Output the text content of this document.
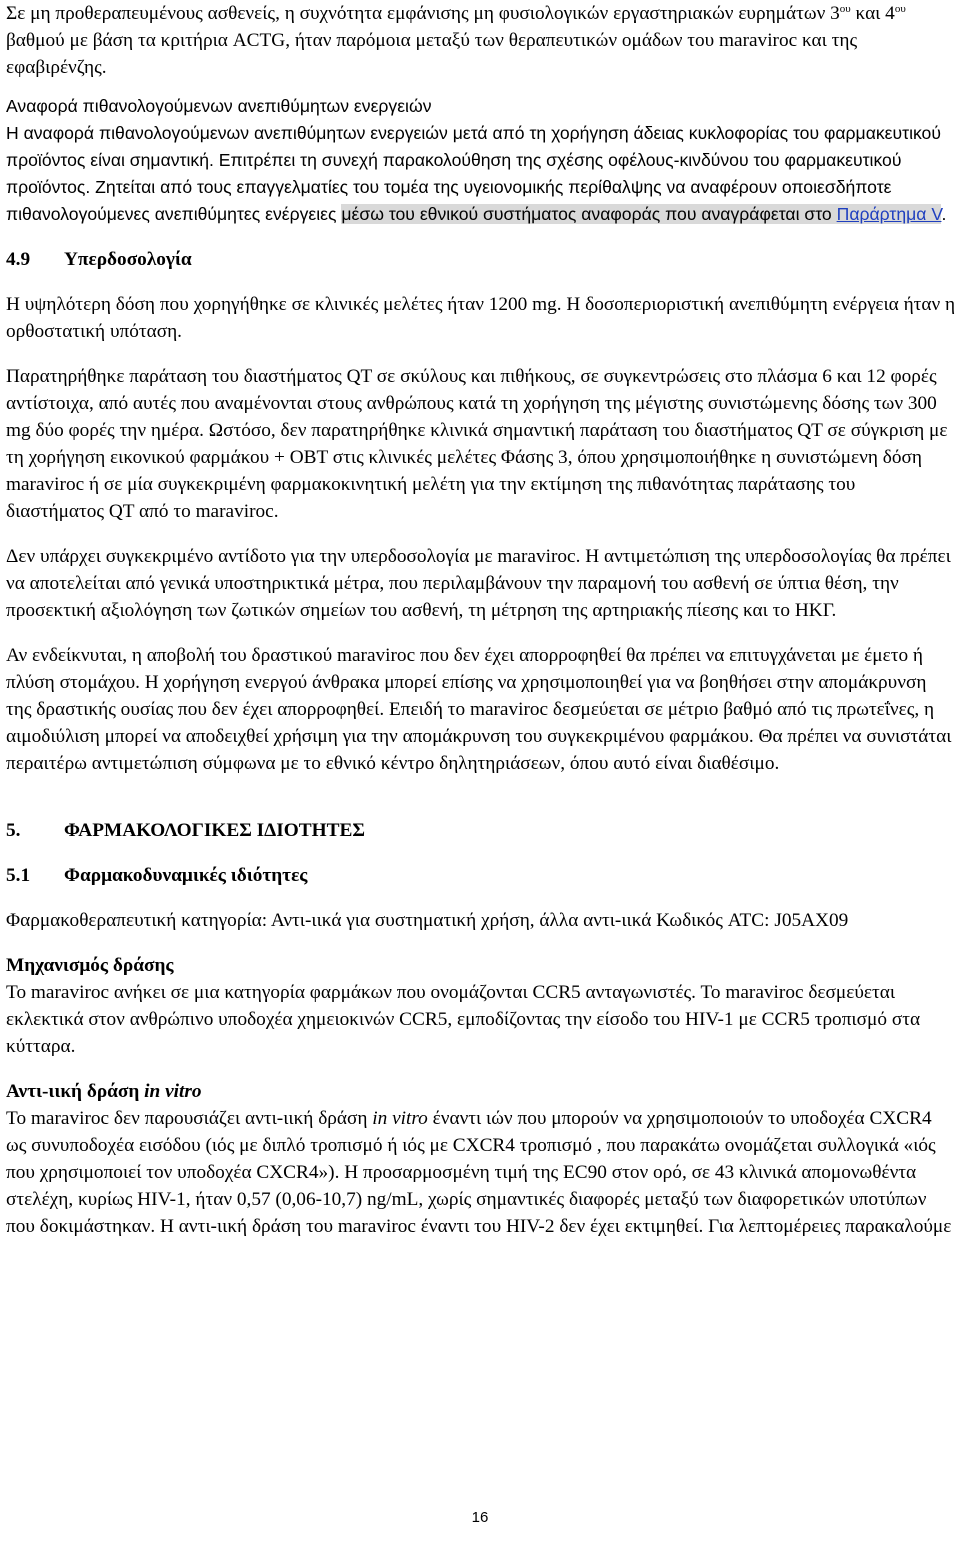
Σε μη προθεραπευμένους ασθενείς, η συχνότητα εμφάνισης μη φυσιολογικών εργαστηριακών ευρημάτων $3^{o\upsilon}$ και $4^{o\upsilon}$ βαθμού με βάση τα κριτήρια ACTG, ήταν παρόμοια μεταξύ των θεραπευτικών ομάδων του maraviroc και της εφαβιρένζης.

Αναφορά πιθανολογούμενων ανεπιθύμητων ενεργειών

Η αναφορά πιθανολογούμενων ανεπιθύμητων ενεργειών μετά από τη χορήγηση άδειας κυκλοφορίας του φαρμακευτικού προϊόντος είναι σημαντική. Επιτρέπει τη συνεχή παρακολούθηση της σχέσης οφέλους-κινδύνου του φαρμακευτικού προϊόντος. Ζητείται από τους επαγγελματίες του τομέα της υγειονομικής περίθαλψης να αναφέρουν οποιεσδήποτε πιθανολογούμενες ανεπιθύμητες ενέργειες μέσω του εθνικού συστήματος αναφοράς που αναγράφεται στο Παράρτημα V.

4.9	Υπερδοσολογία

Η υψηλότερη δόση που χορηγήθηκε σε κλινικές μελέτες ήταν 1200 mg. Η δοσοπεριοριστική ανεπιθύμητη ενέργεια ήταν η ορθοστατική υπόταση.

Παρατηρήθηκε παράταση του διαστήματος QT σε σκύλους και πιθήκους, σε συγκεντρώσεις στο πλάσμα 6 και 12 φορές αντίστοιχα, από αυτές που αναμένονται στους ανθρώπους κατά τη χορήγηση της μέγιστης συνιστώμενης δόσης των 300 mg δύο φορές την ημέρα. Ωστόσο, δεν παρατηρήθηκε κλινικά σημαντική παράταση του διαστήματος QT σε σύγκριση με τη χορήγηση εικονικού φαρμάκου + OBT στις κλινικές μελέτες Φάσης 3, όπου χρησιμοποιήθηκε η συνιστώμενη δόση maraviroc ή σε μία συγκεκριμένη φαρμακοκινητική μελέτη για την εκτίμηση της πιθανότητας παράτασης του διαστήματος QT από το maraviroc.

Δεν υπάρχει συγκεκριμένο αντίδοτο για την υπερδοσολογία με maraviroc. Η αντιμετώπιση της υπερδοσολογίας θα πρέπει να αποτελείται από γενικά υποστηρικτικά μέτρα, που περιλαμβάνουν την παραμονή του ασθενή σε ύπτια θέση, την προσεκτική αξιολόγηση των ζωτικών σημείων του ασθενή, τη μέτρηση της αρτηριακής πίεσης και το ΗΚΓ.

Αν ενδείκνυται, η αποβολή του δραστικού maraviroc που δεν έχει απορροφηθεί θα πρέπει να επιτυγχάνεται με έμετο ή πλύση στομάχου. Η χορήγηση ενεργού άνθρακα μπορεί επίσης να χρησιμοποιηθεί για να βοηθήσει στην απομάκρυνση της δραστικής ουσίας που δεν έχει απορροφηθεί. Επειδή το maraviroc δεσμεύεται σε μέτριο βαθμό από τις πρωτεΐνες, η αιμοδιύλιση μπορεί να αποδειχθεί χρήσιμη για την απομάκρυνση του συγκεκριμένου φαρμάκου. Θα πρέπει να συνιστάται περαιτέρω αντιμετώπιση σύμφωνα με το εθνικό κέντρο δηλητηριάσεων, όπου αυτό είναι διαθέσιμο.

5.	ΦΑΡΜΑΚΟΛΟΓΙΚΕΣ ΙΔΙΟΤΗΤΕΣ
5.1	Φαρμακοδυναμικές ιδιότητες

Φαρμακοθεραπευτική κατηγορία: Αντι-ιικά για συστηματική χρήση, άλλα αντι-ιικά Κωδικός ATC: J05AX09

Μηχανισμός δράσης

Το maraviroc ανήκει σε μια κατηγορία φαρμάκων που ονομάζονται CCR5 ανταγωνιστές. Το maraviroc δεσμεύεται εκλεκτικά στον ανθρώπινο υποδοχέα χημειοκινών CCR5, εμποδίζοντας την είσοδο του HIV-1 με CCR5 τροπισμό στα κύτταρα.

Αντι-ιική δράση in vitro

Το maraviroc δεν παρουσιάζει αντι-ιική δράση in vitro έναντι ιών που μπορούν να χρησιμοποιούν το υποδοχέα CXCR4 ως συνυποδοχέα εισόδου (ιός με διπλό τροπισμό ή ιός με CXCR4 τροπισμό , που παρακάτω ονομάζεται συλλογικά «ιός που χρησιμοποιεί τον υποδοχέα CXCR4»). Η προσαρμοσμένη τιμή της EC90 στον ορό, σε 43 κλινικά απομονωθέντα στελέχη, κυρίως HIV-1, ήταν 0,57 (0,06-10,7) ng/mL, χωρίς σημαντικές διαφορές μεταξύ των διαφορετικών υποτύπων που δοκιμάστηκαν. Η αντι-ιική δράση του maraviroc έναντι του HIV-2 δεν έχει εκτιμηθεί. Για λεπτομέρειες παρακαλούμε

16
